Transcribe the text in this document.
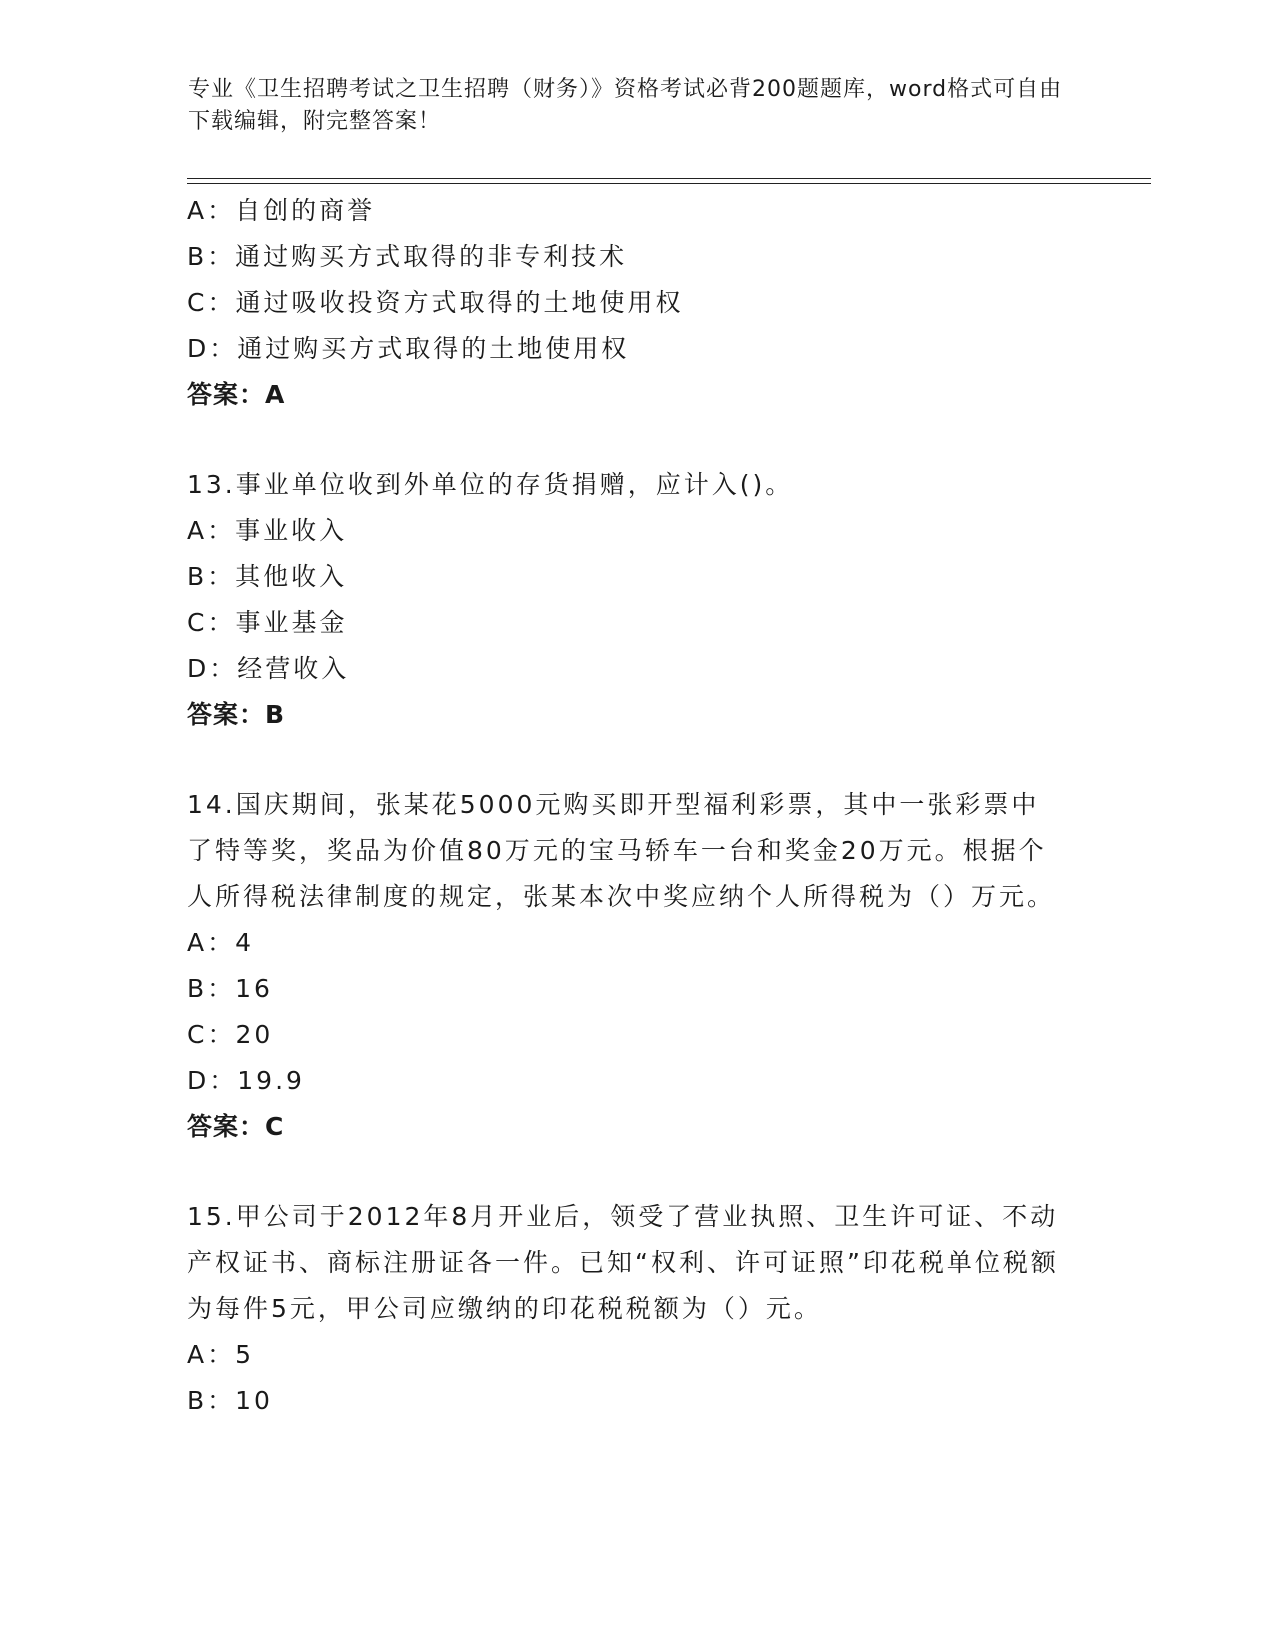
专业《卫生招聘考试之卫生招聘（财务）》资格考试必背200题题库，word格式可自由下载编辑，附完整答案！
A：自创的商誉
B：通过购买方式取得的非专利技术
C：通过吸收投资方式取得的土地使用权
D：通过购买方式取得的土地使用权
答案：A
13.事业单位收到外单位的存货捐赠，应计入()。
A：事业收入
B：其他收入
C：事业基金
D：经营收入
答案：B
14.国庆期间，张某花5000元购买即开型福利彩票，其中一张彩票中了特等奖，奖品为价值80万元的宝马轿车一台和奖金20万元。根据个人所得税法律制度的规定，张某本次中奖应纳个人所得税为（）万元。
A：4
B：16
C：20
D：19.9
答案：C
15.甲公司于2012年8月开业后，领受了营业执照、卫生许可证、不动产权证书、商标注册证各一件。已知“权利、许可证照”印花税单位税额为每件5元，甲公司应缴纳的印花税税额为（）元。
A：5
B：10
